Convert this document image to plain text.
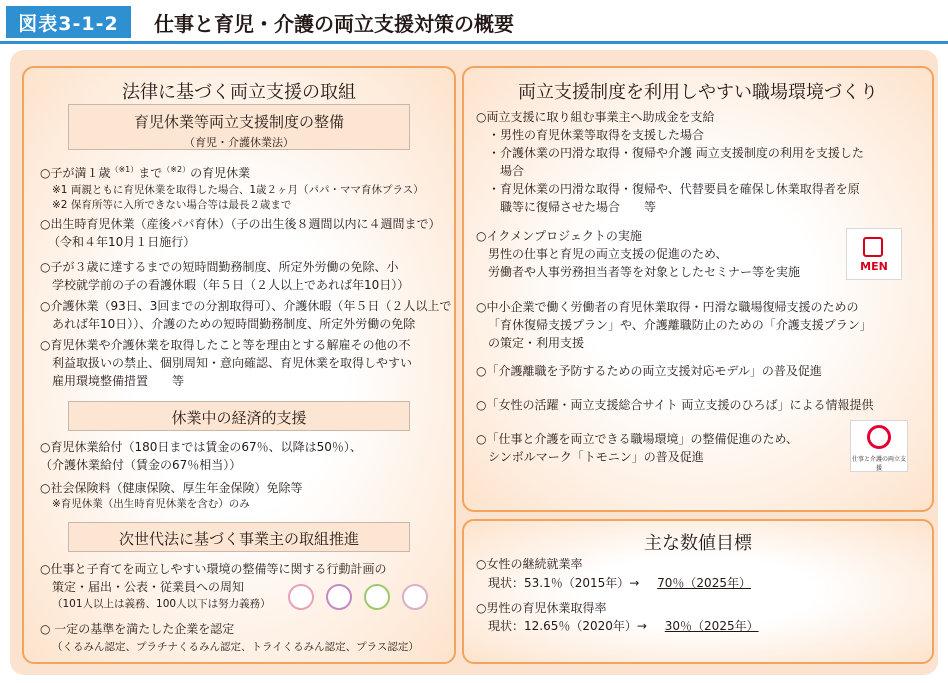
図表3-1-2	仕事と育児・介護の両立支援対策の概要
法律に基づく両立支援の取組
育児休業等両立支援制度の整備
（育児・介護休業法）
○子が満１歳$^{(※1)}$まで$^{(※2)}$の育児休業
※1 両親ともに育児休業を取得した場合、1歳２ヶ月（パパ・ママ育休プラス）
※2 保育所等に入所できない場合等は最長２歳まで
○出生時育児休業（産後パパ育休）（子の出生後８週間以内に４週間まで）
（令和４年10月１日施行）
○子が３歳に達するまでの短時間勤務制度、所定外労働の免除、小
学校就学前の子の看護休暇（年５日（２人以上であれば年10日））
○介護休業（93日、3回までの分割取得可）、介護休暇（年５日（２人以上で
あれば年10日））、介護のための短時間勤務制度、所定外労働の免除
○育児休業や介護休業を取得したこと等を理由とする解雇その他の不
利益取扱いの禁止、個別周知・意向確認、育児休業を取得しやすい
雇用環境整備措置　　等
休業中の経済的支援
○育児休業給付（180日までは賃金の67％、以降は50％）、
（介護休業給付（賃金の67％相当））
○社会保険料（健康保険、厚生年金保険）免除等
※育児休業（出生時育児休業を含む）のみ
次世代法に基づく事業主の取組推進
○仕事と子育てを両立しやすい環境の整備等に関する行動計画の
策定・届出・公表・従業員への周知
（101人以上は義務、100人以下は努力義務）
○ 一定の基準を満たした企業を認定
（くるみん認定、プラチナくるみん認定、トライくるみん認定、プラス認定）
両立支援制度を利用しやすい職場環境づくり
○両立支援に取り組む事業主へ助成金を支給
・男性の育児休業等取得を支援した場合
・介護休業の円滑な取得・復帰や介護 両立支援制度の利用を支援した
場合
・育児休業の円滑な取得・復帰や、代替要員を確保し休業取得者を原
職等に復帰させた場合　　等
○イクメンプロジェクトの実施
男性の仕事と育児の両立支援の促進のため、
労働者や人事労務担当者等を対象としたセミナー等を実施	MEN
○中小企業で働く労働者の育児休業取得・円滑な職場復帰支援のための
「育休復帰支援プラン」や、介護離職防止のための「介護支援プラン」
の策定・利用支援
○「介護離職を予防するための両立支援対応モデル」の普及促進
○「女性の活躍・両立支援総合サイト 両立支援のひろば」による情報提供
○「仕事と介護を両立できる職場環境」の整備促進のため、
シンボルマーク「トモニン」の普及促進	仕事と介護の両立支援
主な数値目標
○女性の継続就業率
現状：53.1％（2015年）→ 70％（2025年）
○男性の育児休業取得率
現状：12.65％（2020年）→ 30％（2025年）
